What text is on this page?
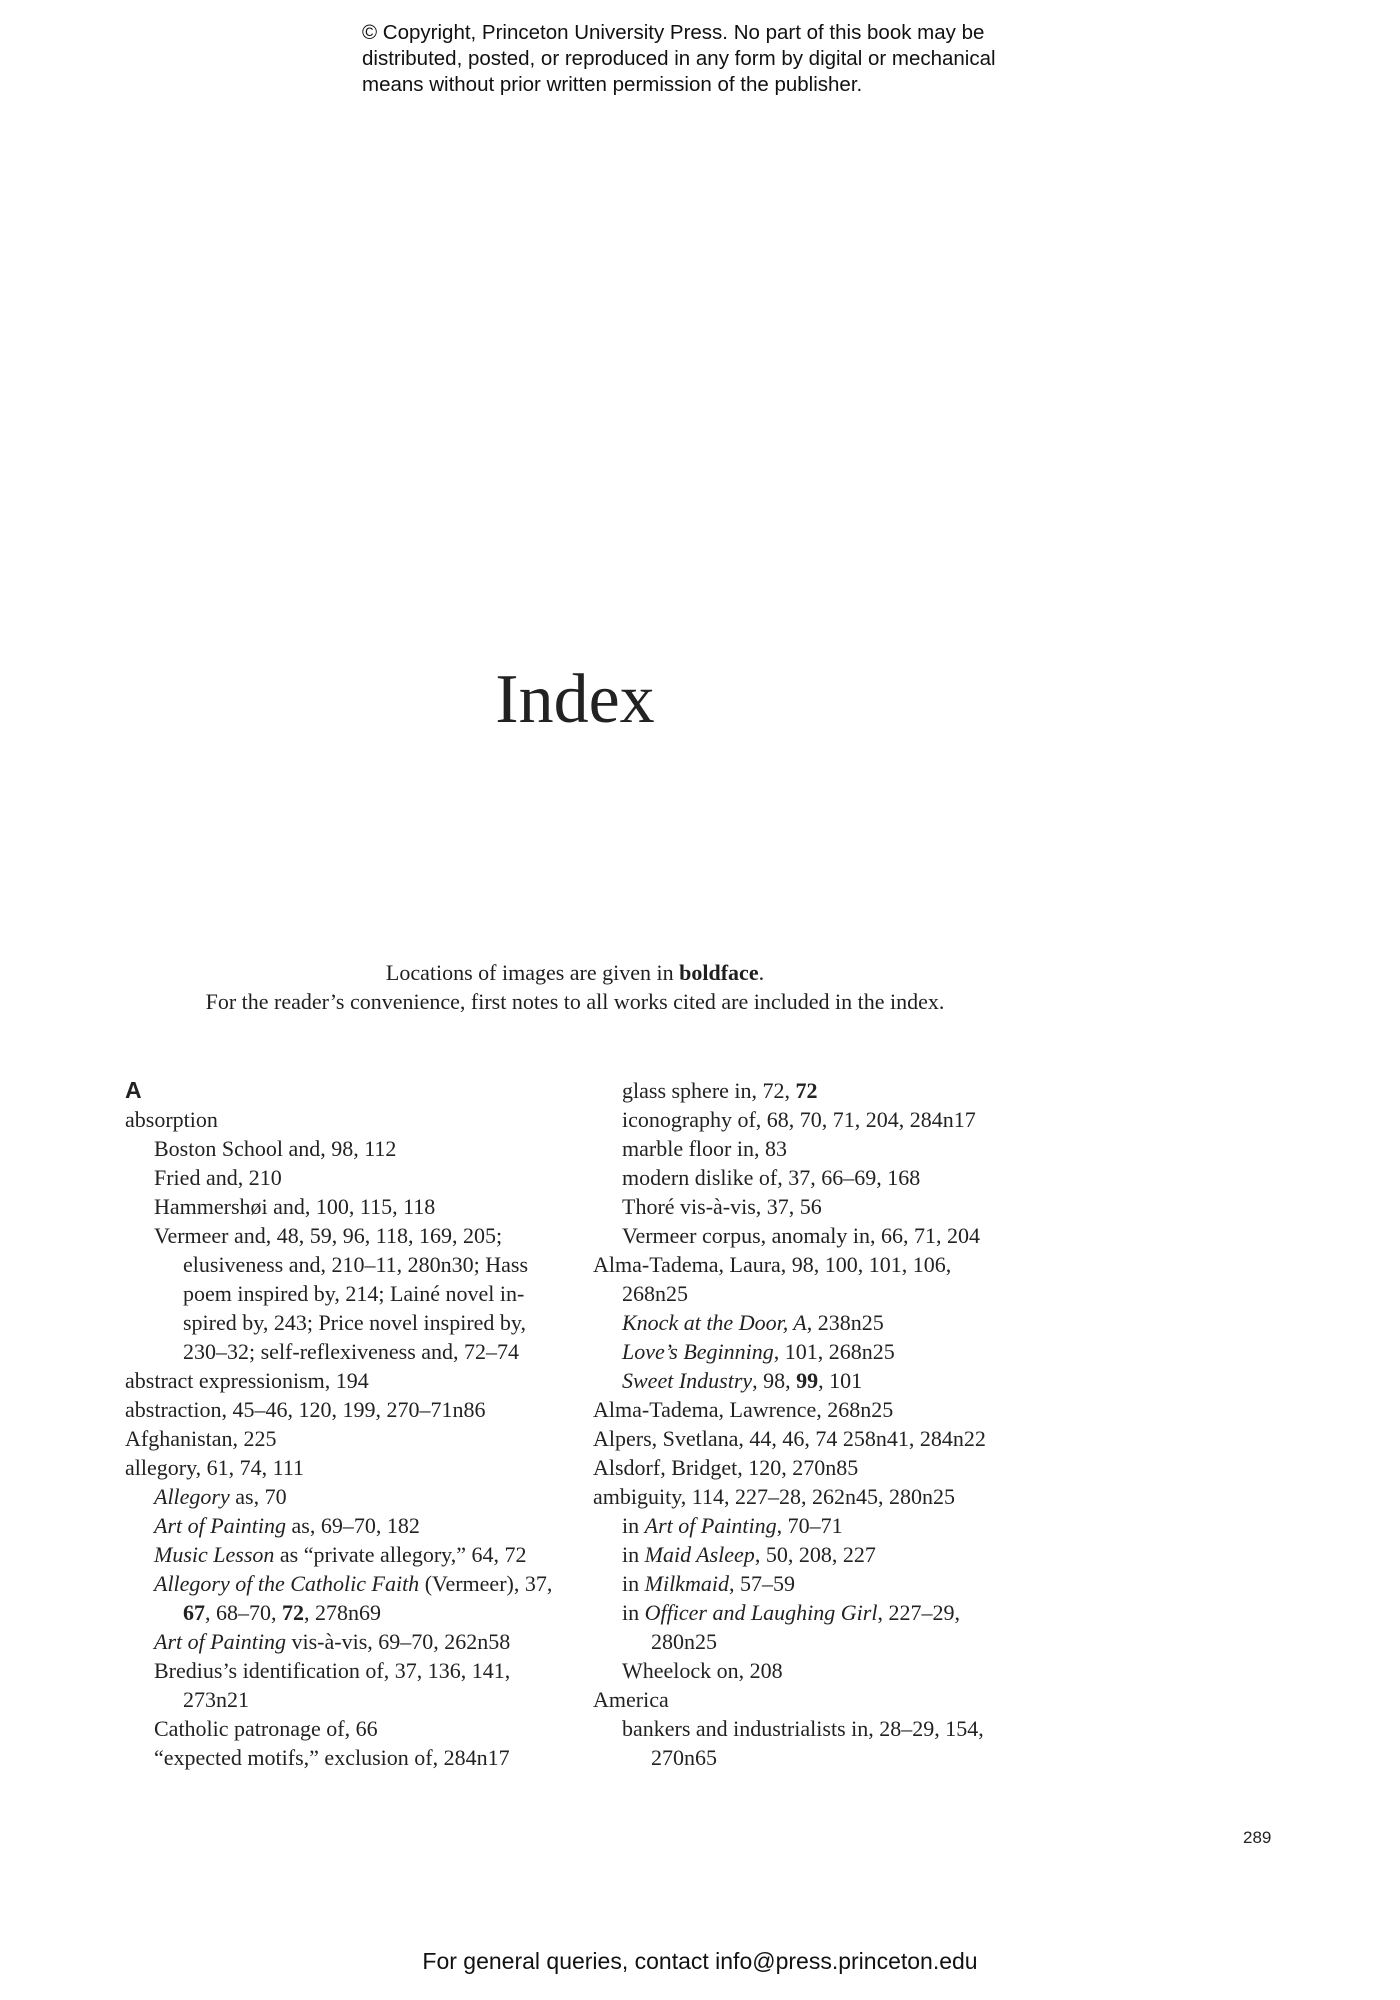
© Copyright, Princeton University Press. No part of this book may be
distributed, posted, or reproduced in any form by digital or mechanical
means without prior written permission of the publisher.
Index
Locations of images are given in boldface.
For the reader’s convenience, first notes to all works cited are included in the index.
A
absorption
Boston School and, 98, 112
Fried and, 210
Hammershøi and, 100, 115, 118
Vermeer and, 48, 59, 96, 118, 169, 205;
elusiveness and, 210–11, 280n30; Hass
poem inspired by, 214; Lainé novel in-
spired by, 243; Price novel inspired by,
230–32; self-reflexiveness and, 72–74
abstract expressionism, 194
abstraction, 45–46, 120, 199, 270–71n86
Afghanistan, 225
allegory, 61, 74, 111
Allegory as, 70
Art of Painting as, 69–70, 182
Music Lesson as “private allegory,” 64, 72
Allegory of the Catholic Faith (Vermeer), 37,
67, 68–70, 72, 278n69
Art of Painting vis-à-vis, 69–70, 262n58
Bredius’s identification of, 37, 136, 141,
273n21
Catholic patronage of, 66
“expected motifs,” exclusion of, 284n17
glass sphere in, 72, 72
iconography of, 68, 70, 71, 204, 284n17
marble floor in, 83
modern dislike of, 37, 66–69, 168
Thoré vis-à-vis, 37, 56
Vermeer corpus, anomaly in, 66, 71, 204
Alma-Tadema, Laura, 98, 100, 101, 106,
268n25
Knock at the Door, A, 238n25
Love’s Beginning, 101, 268n25
Sweet Industry, 98, 99, 101
Alma-Tadema, Lawrence, 268n25
Alpers, Svetlana, 44, 46, 74 258n41, 284n22
Alsdorf, Bridget, 120, 270n85
ambiguity, 114, 227–28, 262n45, 280n25
in Art of Painting, 70–71
in Maid Asleep, 50, 208, 227
in Milkmaid, 57–59
in Officer and Laughing Girl, 227–29,
280n25
Wheelock on, 208
America
bankers and industrialists in, 28–29, 154,
270n65
289
For general queries, contact info@press.princeton.edu
